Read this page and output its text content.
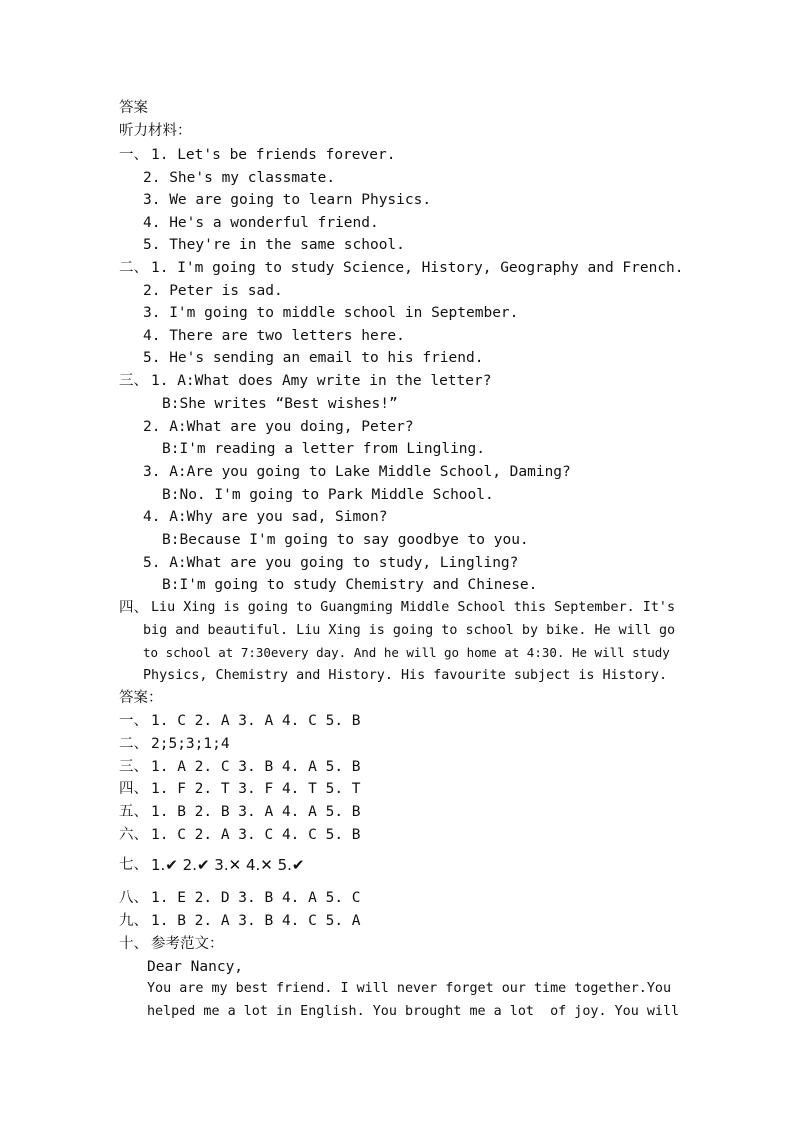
答案
听力材料：
一、 1. Let's be friends forever.
2. She's my classmate.
3. We are going to learn Physics.
4. He's a wonderful friend.
5. They're in the same school.
二、 1. I'm going to study Science, History, Geography and French.
2. Peter is sad.
3. I'm going to middle school in September.
4. There are two letters here.
5. He's sending an email to his friend.
三、 1. A:What does Amy write in the letter?
B:She writes “Best wishes!”
2. A:What are you doing, Peter?
B:I'm reading a letter from Lingling.
3. A:Are you going to Lake Middle School, Daming?
B:No. I'm going to Park Middle School.
4. A:Why are you sad, Simon?
B:Because I'm going to say goodbye to you.
5. A:What are you going to study, Lingling?
B:I'm going to study Chemistry and Chinese.
四、 Liu Xing is going to Guangming Middle School this September. It's
big and beautiful. Liu Xing is going to school by bike. He will go
to school at 7:30every day. And he will go home at 4:30. He will study
Physics, Chemistry and History. His favourite subject is History.
答案：
一、 1. C 2. A 3. A 4. C 5. B
二、 2;5;3;1;4
三、 1. A 2. C 3. B 4. A 5. B
四、 1. F 2. T 3. F 4. T 5. T
五、 1. B 2. B 3. A 4. A 5. B
六、 1. C 2. A 3. C 4. C 5. B
七、 1.✔ 2.✔ 3.✕ 4.✕ 5.✔
八、 1. E 2. D 3. B 4. A 5. C
九、 1. B 2. A 3. B 4. C 5. A
十、 参考范文：
Dear Nancy,
You are my best friend. I will never forget our time together.You
helped me a lot in English. You brought me a lot  of joy. You will
